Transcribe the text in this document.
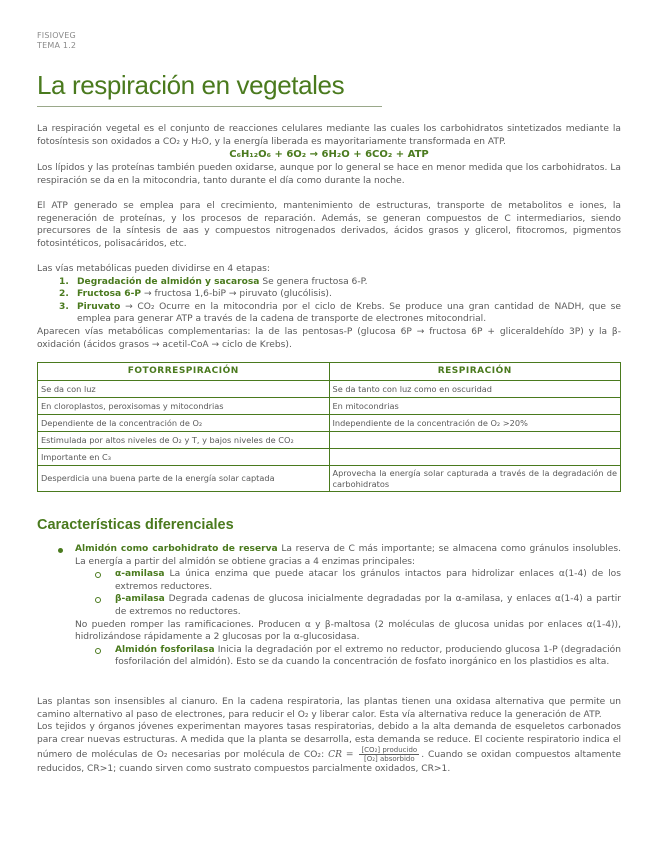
FISIOVEG
TEMA 1.2
La respiración en vegetales

La respiración vegetal es el conjunto de reacciones celulares mediante las cuales los carbohidratos sintetizados mediante la fotosíntesis son oxidados a CO₂ y H₂O, y la energía liberada es mayoritariamente transformada en ATP.

C₆H₁₂O₆ + 6O₂ → 6H₂O + 6CO₂ + ATP

Los lípidos y las proteínas también pueden oxidarse, aunque por lo general se hace en menor medida que los carbohidratos. La respiración se da en la mitocondria, tanto durante el día como durante la noche.

El ATP generado se emplea para el crecimiento, mantenimiento de estructuras, transporte de metabolitos e iones, la regeneración de proteínas, y los procesos de reparación. Además, se generan compuestos de C intermediarios, siendo precursores de la síntesis de aas y compuestos nitrogenados derivados, ácidos grasos y glicerol, fitocromos, pigmentos fotosintéticos, polisacáridos, etc.

Las vías metabólicas pueden dividirse en 4 etapas:

1. Degradación de almidón y sacarosa Se genera fructosa 6-P.
2. Fructosa 6-P → fructosa 1,6-biP → piruvato (glucólisis).
3. Piruvato → CO₂ Ocurre en la mitocondria por el ciclo de Krebs. Se produce una gran cantidad de NADH, que se emplea para generar ATP a través de la cadena de transporte de electrones mitocondrial.

Aparecen vías metabólicas complementarias: la de las pentosas-P (glucosa 6P → fructosa 6P + gliceraldehído 3P) y la β-oxidación (ácidos grasos → acetil-CoA → ciclo de Krebs).

FOTORRESPIRACIÓN	RESPIRACIÓN
Se da con luz	Se da tanto con luz como en oscuridad
En cloroplastos, peroxisomas y mitocondrias	En mitocondrias
Dependiente de la concentración de O₂	Independiente de la concentración de O₂ >20%
Estimulada por altos niveles de O₂ y T, y bajos niveles de CO₂	
Importante en C₃	
Desperdicia una buena parte de la energía solar captada	Aprovecha la energía solar capturada a través de la degradación de carbohidratos
Características diferenciales
Almidón como carbohidrato de reserva La reserva de C más importante; se almacena como gránulos insolubles. La energía a partir del almidón se obtiene gracias a 4 enzimas principales:
α-amilasa La única enzima que puede atacar los gránulos intactos para hidrolizar enlaces α(1-4) de los extremos reductores.
β-amilasa Degrada cadenas de glucosa inicialmente degradadas por la α-amilasa, y enlaces α(1-4) a partir de extremos no reductores.
No pueden romper las ramificaciones. Producen α y β-maltosa (2 moléculas de glucosa unidas por enlaces α(1-4)), hidrolizándose rápidamente a 2 glucosas por la α-glucosidasa.
Almidón fosforilasa Inicia la degradación por el extremo no reductor, produciendo glucosa 1-P (degradación fosforilación del almidón). Esto se da cuando la concentración de fosfato inorgánico en los plastidios es alta.

Las plantas son insensibles al cianuro. En la cadena respiratoria, las plantas tienen una oxidasa alternativa que permite un camino alternativo al paso de electrones, para reducir el O₂ y liberar calor. Esta vía alternativa reduce la generación de ATP.

Los tejidos y órganos jóvenes experimentan mayores tasas respiratorias, debido a la alta demanda de esqueletos carbonados para crear nuevas estructuras. A medida que la planta se desarrolla, esta demanda se reduce. El cociente respiratorio indica el número de moléculas de O₂ necesarias por molécula de CO₂: CR = $\frac{\text{[CO₂] producido}}{\text{[O₂] absorbido}}$ . Cuando se oxidan compuestos altamente reducidos, CR>1; cuando sirven como sustrato compuestos parcialmente oxidados, CR>1.
